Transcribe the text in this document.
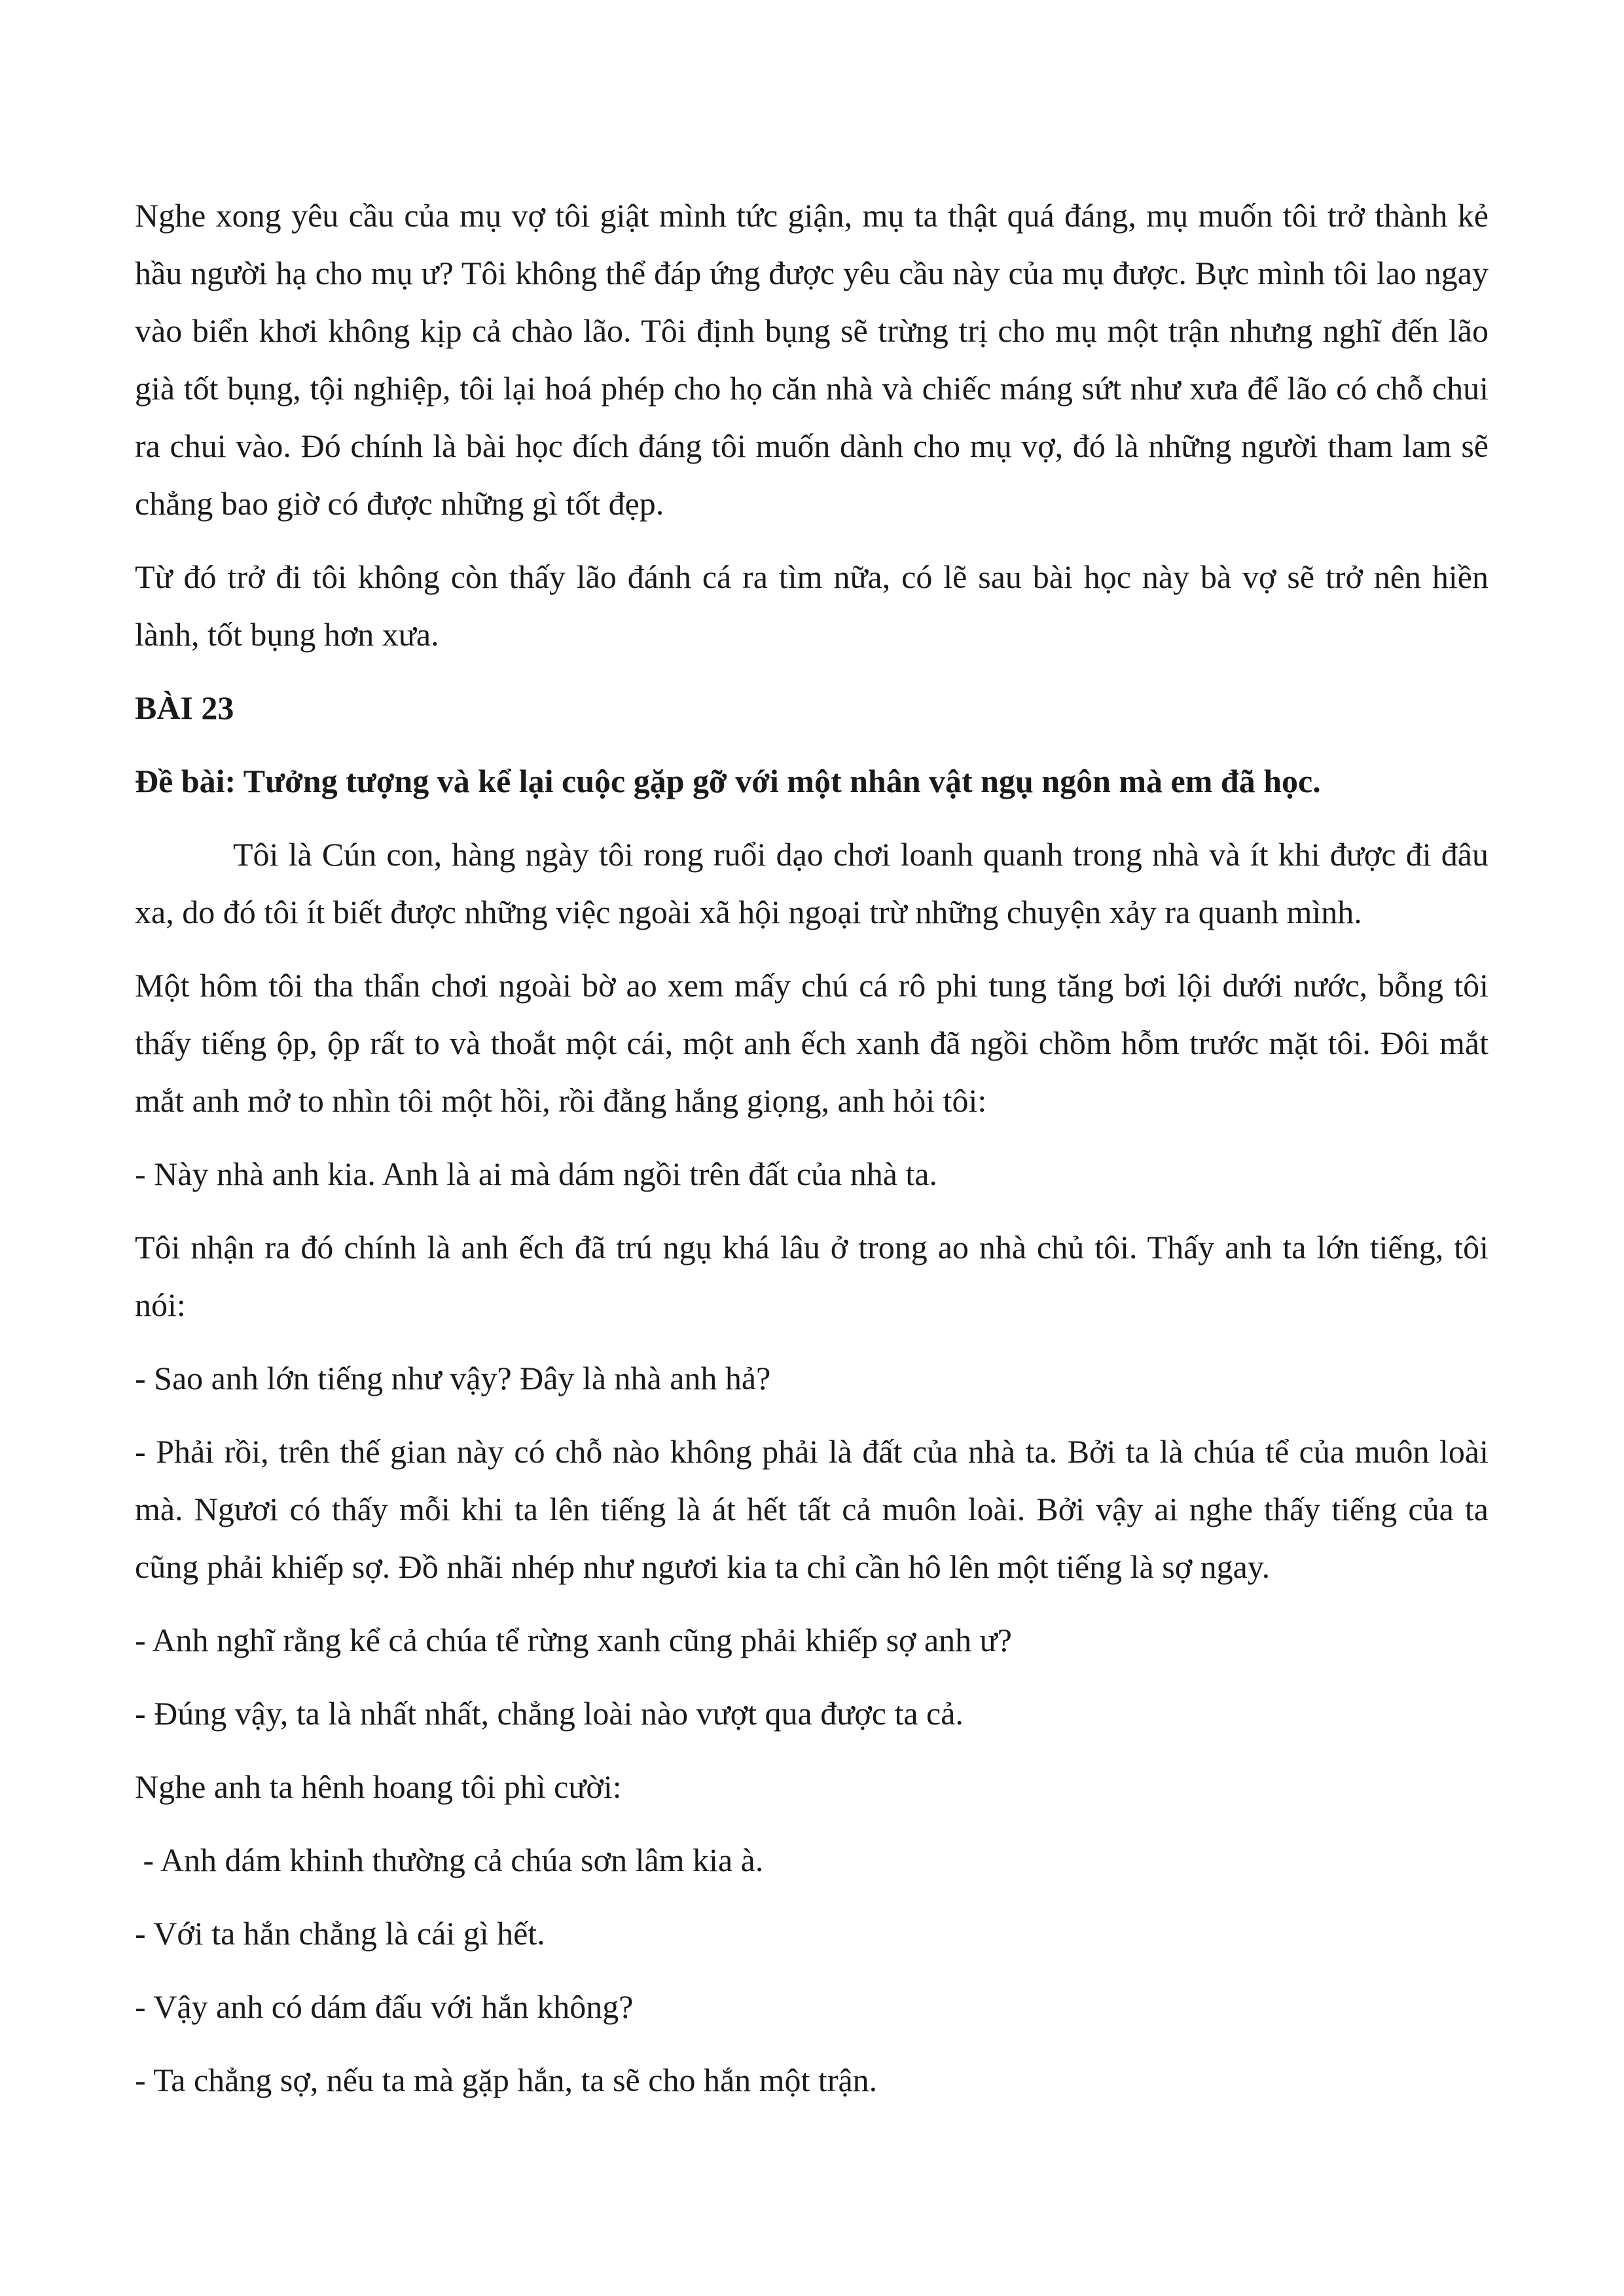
Nghe xong yêu cầu của mụ vợ tôi giật mình tức giận, mụ ta thật quá đáng, mụ muốn tôi trở thành kẻ hầu người hạ cho mụ ư? Tôi không thể đáp ứng được yêu cầu này của mụ được. Bực mình tôi lao ngay vào biển khơi không kịp cả chào lão. Tôi định bụng sẽ trừng trị cho mụ một trận nhưng nghĩ đến lão già tốt bụng, tội nghiệp, tôi lại hoá phép cho họ căn nhà và chiếc máng sứt như xưa để lão có chỗ chui ra chui vào. Đó chính là bài học đích đáng tôi muốn dành cho mụ vợ, đó là những người tham lam sẽ chẳng bao giờ có được những gì tốt đẹp.

Từ đó trở đi tôi không còn thấy lão đánh cá ra tìm nữa, có lẽ sau bài học này bà vợ sẽ trở nên hiền lành, tốt bụng hơn xưa.

BÀI 23

Đề bài: Tưởng tượng và kể lại cuộc gặp gỡ với một nhân vật ngụ ngôn mà em đã học.

Tôi là Cún con, hàng ngày tôi rong ruổi dạo chơi loanh quanh trong nhà và ít khi được đi đâu xa, do đó tôi ít biết được những việc ngoài xã hội ngoại trừ những chuyện xảy ra quanh mình.

Một hôm tôi tha thẩn chơi ngoài bờ ao xem mấy chú cá rô phi tung tăng bơi lội dưới nước, bỗng tôi thấy tiếng ộp, ộp rất to và thoắt một cái, một anh ếch xanh đã ngồi chồm hỗm trước mặt tôi. Đôi mắt mắt anh mở to nhìn tôi một hồi, rồi đằng hắng giọng, anh hỏi tôi:

- Này nhà anh kia. Anh là ai mà dám ngồi trên đất của nhà ta.

Tôi nhận ra đó chính là anh ếch đã trú ngụ khá lâu ở trong ao nhà chủ tôi. Thấy anh ta lớn tiếng, tôi nói:

- Sao anh lớn tiếng như vậy? Đây là nhà anh hả?

- Phải rồi, trên thế gian này có chỗ nào không phải là đất của nhà ta. Bởi ta là chúa tể của muôn loài mà. Ngươi có thấy mỗi khi ta lên tiếng là át hết tất cả muôn loài. Bởi vậy ai nghe thấy tiếng của ta cũng phải khiếp sợ. Đồ nhãi nhép như ngươi kia ta chỉ cần hô lên một tiếng là sợ ngay.

- Anh nghĩ rằng kể cả chúa tể rừng xanh cũng phải khiếp sợ anh ư?

- Đúng vậy, ta là nhất nhất, chẳng loài nào vượt qua được ta cả.

Nghe anh ta hênh hoang tôi phì cười:

- Anh dám khinh thường cả chúa sơn lâm kia à.

- Với ta hắn chẳng là cái gì hết.

- Vậy anh có dám đấu với hắn không?

- Ta chẳng sợ, nếu ta mà gặp hắn, ta sẽ cho hắn một trận.
